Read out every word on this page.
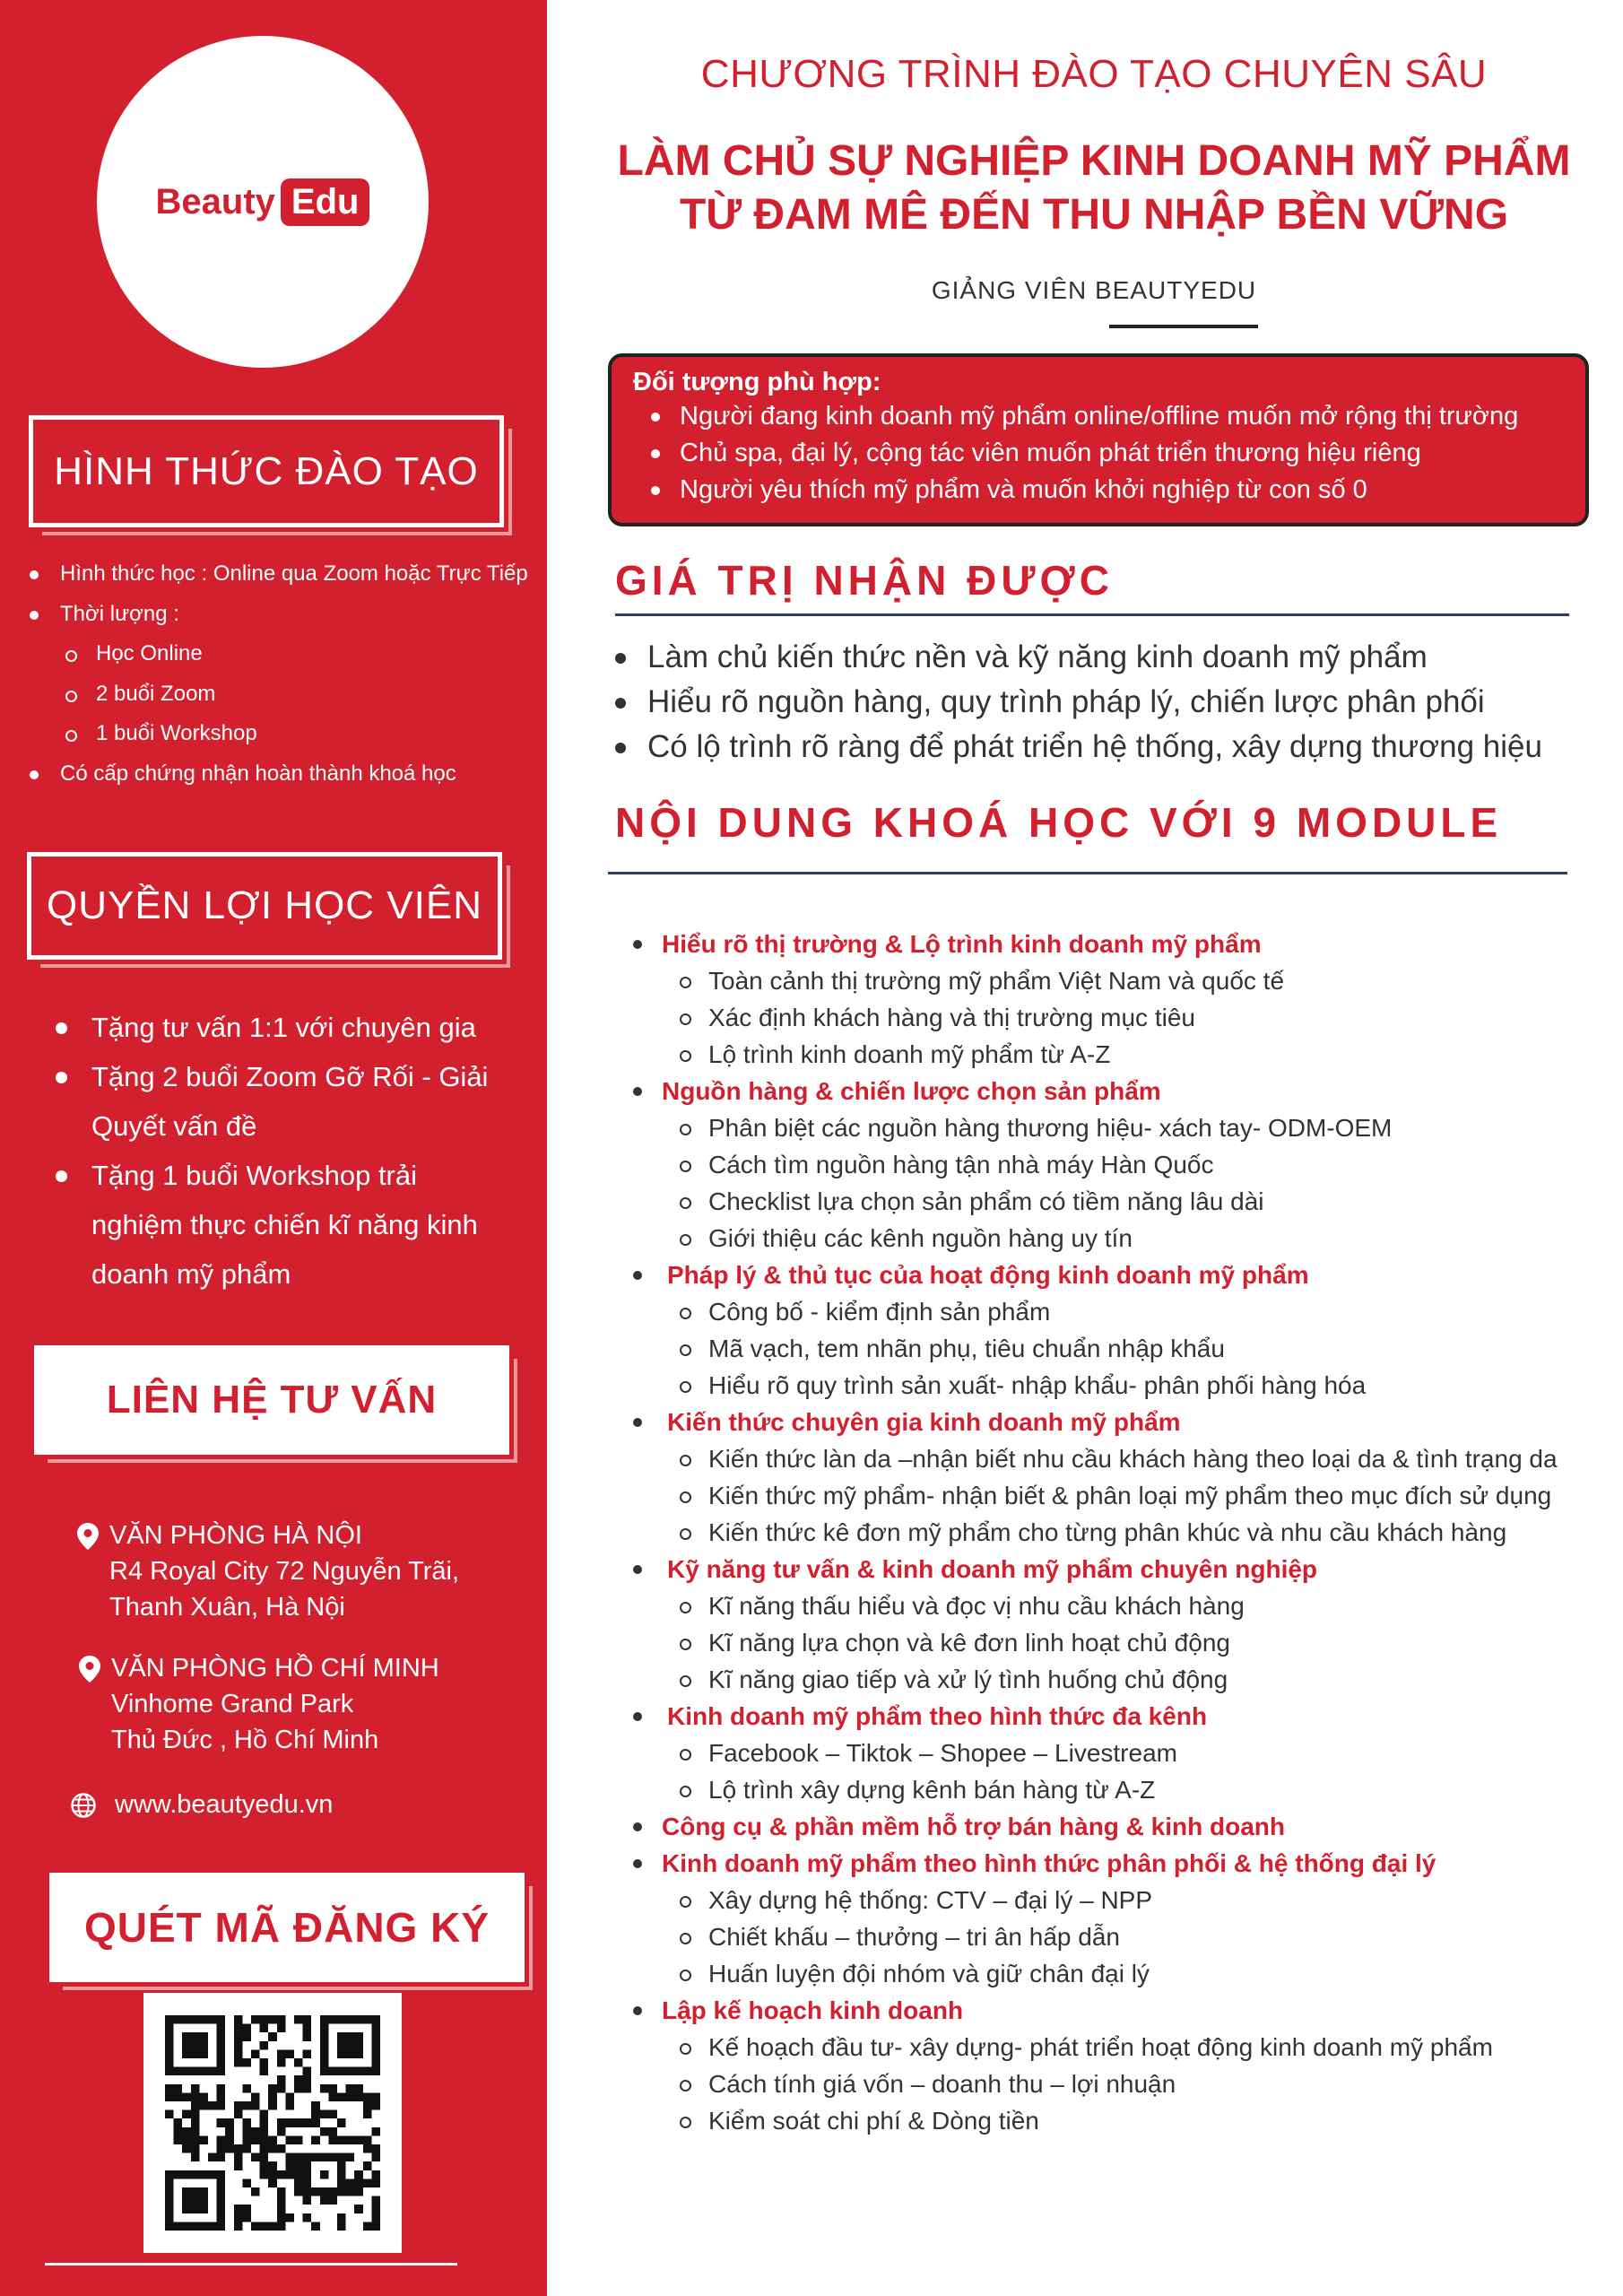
Beauty Edu
HÌNH THỨC ĐÀO TẠO
Hình thức học : Online qua Zoom hoặc Trực Tiếp
Thời lượng :
Học Online
2 buổi Zoom
1 buổi Workshop
Có cấp chứng nhận hoàn thành khoá học
QUYỀN LỢI HỌC VIÊN
Tặng tư vấn 1:1 với chuyên gia
Tặng 2 buổi Zoom Gỡ Rối - Giải Quyết vấn đề
Tặng 1 buổi Workshop trải nghiệm thực chiến kĩ năng kinh doanh mỹ phẩm
LIÊN HỆ TƯ VẤN
VĂN PHÒNG HÀ NỘI
R4 Royal City 72 Nguyễn Trãi,
Thanh Xuân, Hà Nội
VĂN PHÒNG HỒ CHÍ MINH
Vinhome Grand Park
Thủ Đức , Hồ Chí Minh
www.beautyedu.vn
QUÉT MÃ ĐĂNG KÝ
CHƯƠNG TRÌNH ĐÀO TẠO CHUYÊN SÂU
LÀM CHỦ SỰ NGHIỆP KINH DOANH MỸ PHẨM
TỪ ĐAM MÊ ĐẾN THU NHẬP BỀN VỮNG
GIẢNG VIÊN BEAUTYEDU
Đối tượng phù hợp:
Người đang kinh doanh mỹ phẩm online/offline muốn mở rộng thị trường
Chủ spa, đại lý, cộng tác viên muốn phát triển thương hiệu riêng
Người yêu thích mỹ phẩm và muốn khởi nghiệp từ con số 0
GIÁ TRỊ NHẬN ĐƯỢC
Làm chủ kiến thức nền và kỹ năng kinh doanh mỹ phẩm
Hiểu rõ nguồn hàng, quy trình pháp lý, chiến lược phân phối
Có lộ trình rõ ràng để phát triển hệ thống, xây dựng thương hiệu
NỘI DUNG KHOÁ HỌC VỚI 9 MODULE
Hiểu rõ thị trường & Lộ trình kinh doanh mỹ phẩm
Toàn cảnh thị trường mỹ phẩm Việt Nam và quốc tế
Xác định khách hàng và thị trường mục tiêu
Lộ trình kinh doanh mỹ phẩm từ A-Z
Nguồn hàng & chiến lược chọn sản phẩm
Phân biệt các nguồn hàng thương hiệu- xách tay- ODM-OEM
Cách tìm nguồn hàng tận nhà máy Hàn Quốc
Checklist lựa chọn sản phẩm có tiềm năng lâu dài
Giới thiệu các kênh nguồn hàng uy tín
Pháp lý & thủ tục của hoạt động kinh doanh mỹ phẩm
Công bố - kiểm định sản phẩm
Mã vạch, tem nhãn phụ, tiêu chuẩn nhập khẩu
Hiểu rõ quy trình sản xuất- nhập khẩu- phân phối hàng hóa
Kiến thức chuyên gia kinh doanh mỹ phẩm
Kiến thức làn da –nhận biết nhu cầu khách hàng theo loại da & tình trạng da
Kiến thức mỹ phẩm- nhận biết & phân loại mỹ phẩm theo mục đích sử dụng
Kiến thức kê đơn mỹ phẩm cho từng phân khúc và nhu cầu khách hàng
Kỹ năng tư vấn & kinh doanh mỹ phẩm chuyên nghiệp
Kĩ năng thấu hiểu và đọc vị nhu cầu khách hàng
Kĩ năng lựa chọn và kê đơn linh hoạt chủ động
Kĩ năng giao tiếp và xử lý tình huống chủ động
Kinh doanh mỹ phẩm theo hình thức đa kênh
Facebook – Tiktok – Shopee – Livestream
Lộ trình xây dựng kênh bán hàng từ A-Z
Công cụ & phần mềm hỗ trợ bán hàng & kinh doanh
Kinh doanh mỹ phẩm theo hình thức phân phối & hệ thống đại lý
Xây dựng hệ thống: CTV – đại lý – NPP
Chiết khấu – thưởng – tri ân hấp dẫn
Huấn luyện đội nhóm và giữ chân đại lý
Lập kế hoạch kinh doanh
Kế hoạch đầu tư- xây dựng- phát triển hoạt động kinh doanh mỹ phẩm
Cách tính giá vốn – doanh thu – lợi nhuận
Kiểm soát chi phí & Dòng tiền
